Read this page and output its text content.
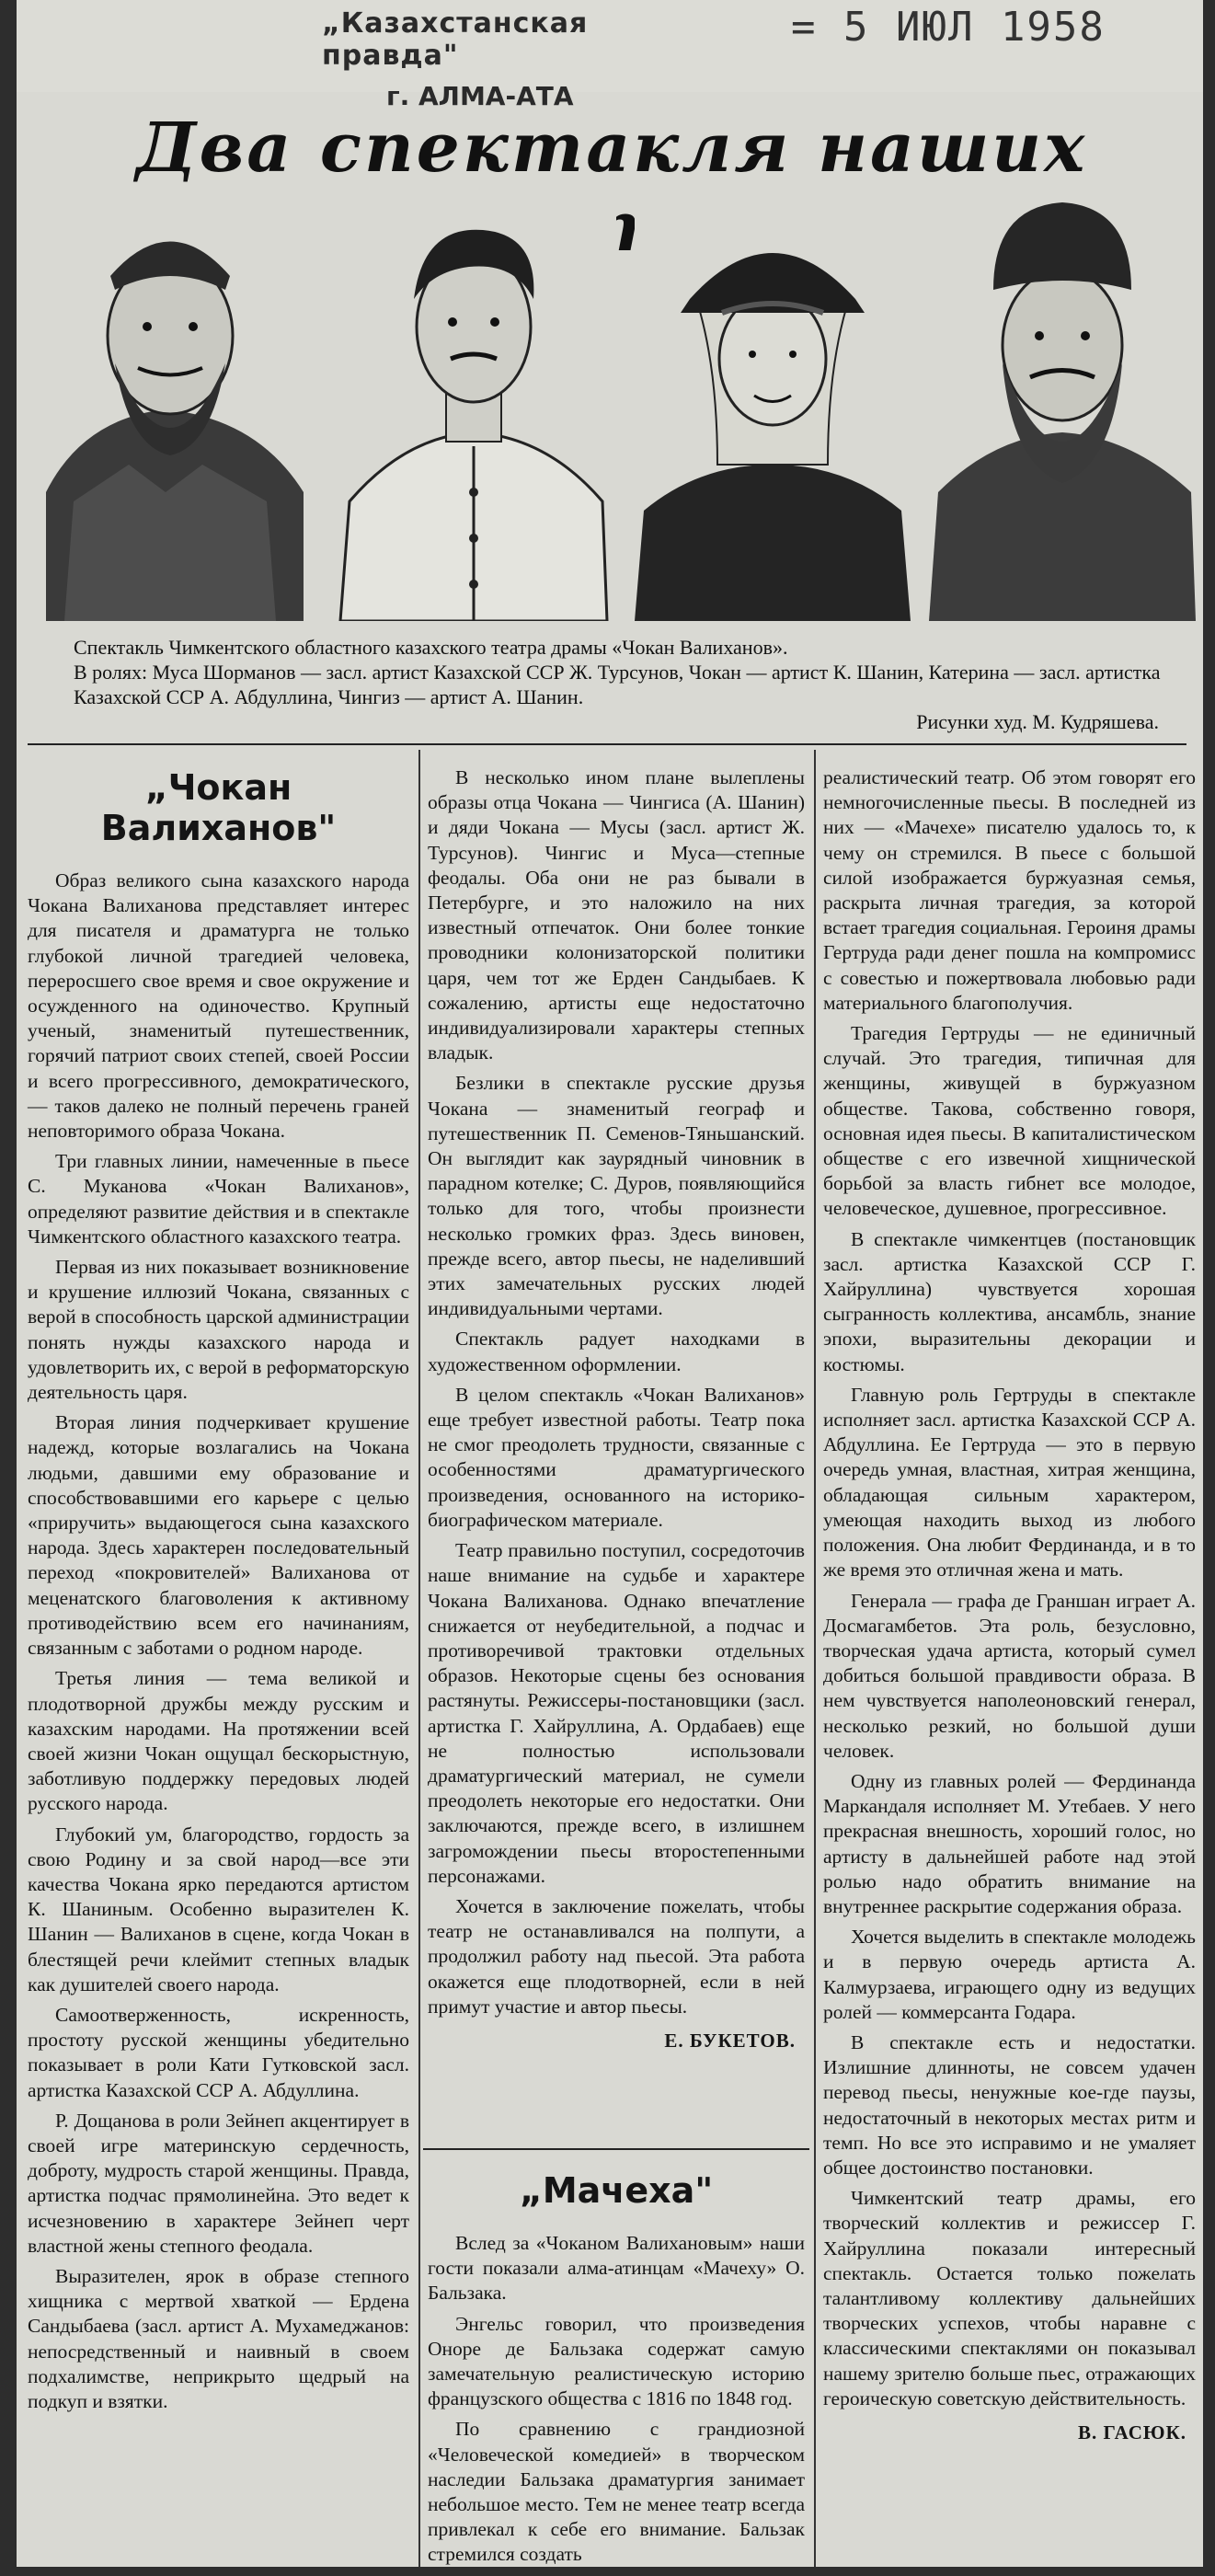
„Казахстанская правда"
г. АЛМА-АТА
= 5 ИЮЛ 1958
Два спектакля наших

Спектакль Чимкентского областного казахского театра драмы «Чокан Валиханов».

В ролях: Муса Шорманов — засл. артист Казахской ССР Ж. Турсунов, Чокан — артист К. Шанин, Катерина — засл. артистка Казахской ССР А. Абдуллина, Чингиз — артист А. Шанин.

Рисунки худ. М. Кудряшева.

„Чокан Валиханов"

Образ великого сына казахского народа Чокана Валиханова представляет интерес для писателя и драматурга не только глубокой личной трагедией человека, переросшего свое время и свое окружение и осужденного на одиночество. Крупный ученый, знаменитый путешественник, горячий патриот своих степей, своей России и всего прогрессивного, демократического,— таков далеко не полный перечень граней неповторимого образа Чокана.

Три главных линии, намеченные в пьесе С. Муканова «Чокан Валиханов», определяют развитие действия и в спектакле Чимкентского областного казахского театра.

Первая из них показывает возникновение и крушение иллюзий Чокана, связанных с верой в способность царской администрации понять нужды казахского народа и удовлетворить их, с верой в реформаторскую деятельность царя.

Вторая линия подчеркивает крушение надежд, которые возлагались на Чокана людьми, давшими ему образование и способствовавшими его карьере с целью «приручить» выдающегося сына казахского народа. Здесь характерен последовательный переход «покровителей» Валиханова от меценатского благоволения к активному противодействию всем его начинаниям, связанным с заботами о родном народе.

Третья линия — тема великой и плодотворной дружбы между русским и казахским народами. На протяжении всей своей жизни Чокан ощущал бескорыстную, заботливую поддержку передовых людей русского народа.

Глубокий ум, благородство, гордость за свою Родину и за свой народ—все эти качества Чокана ярко передаются артистом К. Шаниным. Особенно выразителен К. Шанин — Валиханов в сцене, когда Чокан в блестящей речи клеймит степных владык как душителей своего народа.

Самоотверженность, искренность, простоту русской женщины убедительно показывает в роли Кати Гутковской засл. артистка Казахской ССР А. Абдуллина.

Р. Дощанова в роли Зейнеп акцентирует в своей игре материнскую сердечность, доброту, мудрость старой женщины. Правда, артистка подчас прямолинейна. Это ведет к исчезновению в характере Зейнеп черт властной жены степного феодала.

Выразителен, ярок в образе степного хищника с мертвой хваткой — Ердена Сандыбаева (засл. артист А. Мухамеджанов: непосредственный и наивный в своем подхалимстве, неприкрыто щедрый на подкуп и взятки.

В несколько ином плане вылеплены образы отца Чокана — Чингиса (А. Шанин) и дяди Чокана — Мусы (засл. артист Ж. Турсунов). Чингис и Муса—степные феодалы. Оба они не раз бывали в Петербурге, и это наложило на них известный отпечаток. Они более тонкие проводники колонизаторской политики царя, чем тот же Ерден Сандыбаев. К сожалению, артисты еще недостаточно индивидуализировали характеры степных владык.

Безлики в спектакле русские друзья Чокана — знаменитый географ и путешественник П. Семенов-Тяньшанский. Он выглядит как заурядный чиновник в парадном котелке; С. Дуров, появляющийся только для того, чтобы произнести несколько громких фраз. Здесь виновен, прежде всего, автор пьесы, не наделивший этих замечательных русских людей индивидуальными чертами.

Спектакль радует находками в художественном оформлении.

В целом спектакль «Чокан Валиханов» еще требует известной работы. Театр пока не смог преодолеть трудности, связанные с особенностями драматургического произведения, основанного на историко-биографическом материале.

Театр правильно поступил, сосредоточив наше внимание на судьбе и характере Чокана Валиханова. Однако впечатление снижается от неубедительной, а подчас и противоречивой трактовки отдельных образов. Некоторые сцены без основания растянуты. Режиссеры-постановщики (засл. артистка Г. Хайруллина, А. Ордабаев) еще не полностью использовали драматургический материал, не сумели преодолеть некоторые его недостатки. Они заключаются, прежде всего, в излишнем загромождении пьесы второстепенными персонажами.

Хочется в заключение пожелать, чтобы театр не останавливался на полпути, а продолжил работу над пьесой. Эта работа окажется еще плодотворней, если в ней примут участие и автор пьесы.

Е. БУКЕТОВ.

„Мачеха"

Вслед за «Чоканом Валихановым» наши гости показали алма-атинцам «Мачеху» О. Бальзака.

Энгельс говорил, что произведения Оноре де Бальзака содержат самую замечательную реалистическую историю французского общества с 1816 по 1848 год.

По сравнению с грандиозной «Человеческой комедией» в творческом наследии Бальзака драматургия занимает небольшое место. Тем не менее театр всегда привлекал к себе его внимание. Бальзак стремился создать

реалистический театр. Об этом говорят его немногочисленные пьесы. В последней из них — «Мачехе» писателю удалось то, к чему он стремился. В пьесе с большой силой изображается буржуазная семья, раскрыта личная трагедия, за которой встает трагедия социальная. Героиня драмы Гертруда ради денег пошла на компромисс с совестью и пожертвовала любовью ради материального благополучия.

Трагедия Гертруды — не единичный случай. Это трагедия, типичная для женщины, живущей в буржуазном обществе. Такова, собственно говоря, основная идея пьесы. В капиталистическом обществе с его извечной хищнической борьбой за власть гибнет все молодое, человеческое, душевное, прогрессивное.

В спектакле чимкентцев (постановщик засл. артистка Казахской ССР Г. Хайруллина) чувствуется хорошая сыгранность коллектива, ансамбль, знание эпохи, выразительны декорации и костюмы.

Главную роль Гертруды в спектакле исполняет засл. артистка Казахской ССР А. Абдуллина. Ее Гертруда — это в первую очередь умная, властная, хитрая женщина, обладающая сильным характером, умеющая находить выход из любого положения. Она любит Фердинанда, и в то же время это отличная жена и мать.

Генерала — графа де Граншан играет А. Досмагамбетов. Эта роль, безусловно, творческая удача артиста, который сумел добиться большой правдивости образа. В нем чувствуется наполеоновский генерал, несколько резкий, но большой души человек.

Одну из главных ролей — Фердинанда Маркандаля исполняет М. Утебаев. У него прекрасная внешность, хороший голос, но артисту в дальнейшей работе над этой ролью надо обратить внимание на внутреннее раскрытие содержания образа.

Хочется выделить в спектакле молодежь и в первую очередь артиста А. Калмурзаева, играющего одну из ведущих ролей — коммерсанта Годара.

В спектакле есть и недостатки. Излишние длинноты, не совсем удачен перевод пьесы, ненужные кое-где паузы, недостаточный в некоторых местах ритм и темп. Но все это исправимо и не умаляет общее достоинство постановки.

Чимкентский театр драмы, его творческий коллектив и режиссер Г. Хайруллина показали интересный спектакль. Остается только пожелать талантливому коллективу дальнейших творческих успехов, чтобы наравне с классическими спектаклями он показывал нашему зрителю больше пьес, отражающих героическую советскую действительность.

В. ГАСЮК.
